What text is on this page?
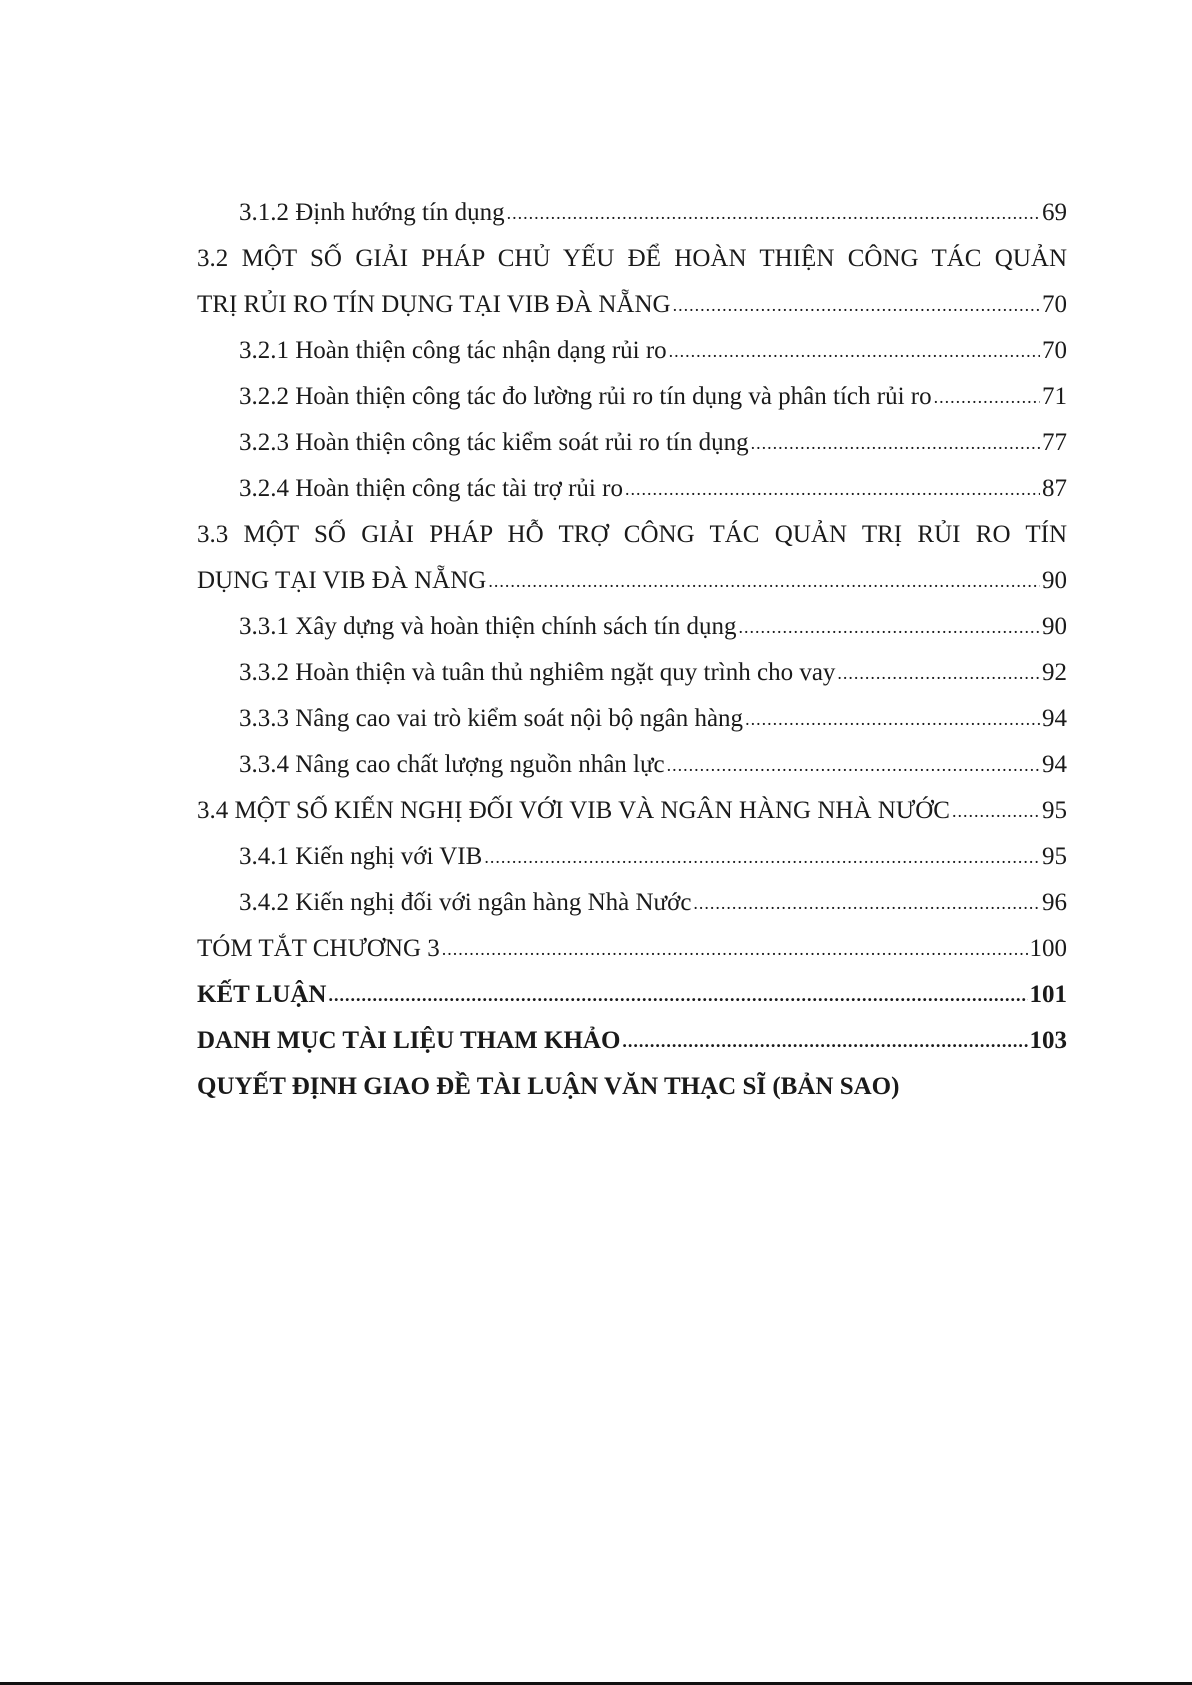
3.1.2 Định hướng tín dụng .....	69
3.2 MỘT SỐ GIẢI PHÁP CHỦ YẾU ĐỂ HOÀN THIỆN CÔNG TÁC QUẢN
TRỊ RỦI RO TÍN DỤNG TẠI VIB ĐÀ NẴNG .....	70
3.2.1 Hoàn thiện công tác nhận dạng rủi ro .....	70
3.2.2 Hoàn thiện công tác đo lường rủi ro tín dụng và phân tích rủi ro .....	71
3.2.3 Hoàn thiện công tác kiểm soát rủi ro tín dụng .....	77
3.2.4 Hoàn thiện công tác tài trợ rủi ro .....	87
3.3 MỘT SỐ GIẢI PHÁP HỖ TRỢ CÔNG TÁC QUẢN TRỊ RỦI RO TÍN
DỤNG TẠI VIB ĐÀ NẴNG .....	90
3.3.1 Xây dựng và hoàn thiện chính sách tín dụng .....	90
3.3.2 Hoàn thiện và tuân thủ nghiêm ngặt quy trình cho vay .....	92
3.3.3 Nâng cao vai trò kiểm soát nội bộ ngân hàng .....	94
3.3.4 Nâng cao chất lượng nguồn nhân lực .....	94
3.4 MỘT SỐ KIẾN NGHỊ ĐỐI VỚI VIB VÀ NGÂN HÀNG NHÀ NƯỚC .....	95
3.4.1 Kiến nghị với VIB .....	95
3.4.2 Kiến nghị đối với ngân hàng Nhà Nước .....	96
TÓM TẮT CHƯƠNG 3 .....	100
KẾT LUẬN .....	101
DANH MỤC TÀI LIỆU THAM KHẢO .....	103
QUYẾT ĐỊNH GIAO ĐỀ TÀI LUẬN VĂN THẠC SĨ (BẢN SAO)
